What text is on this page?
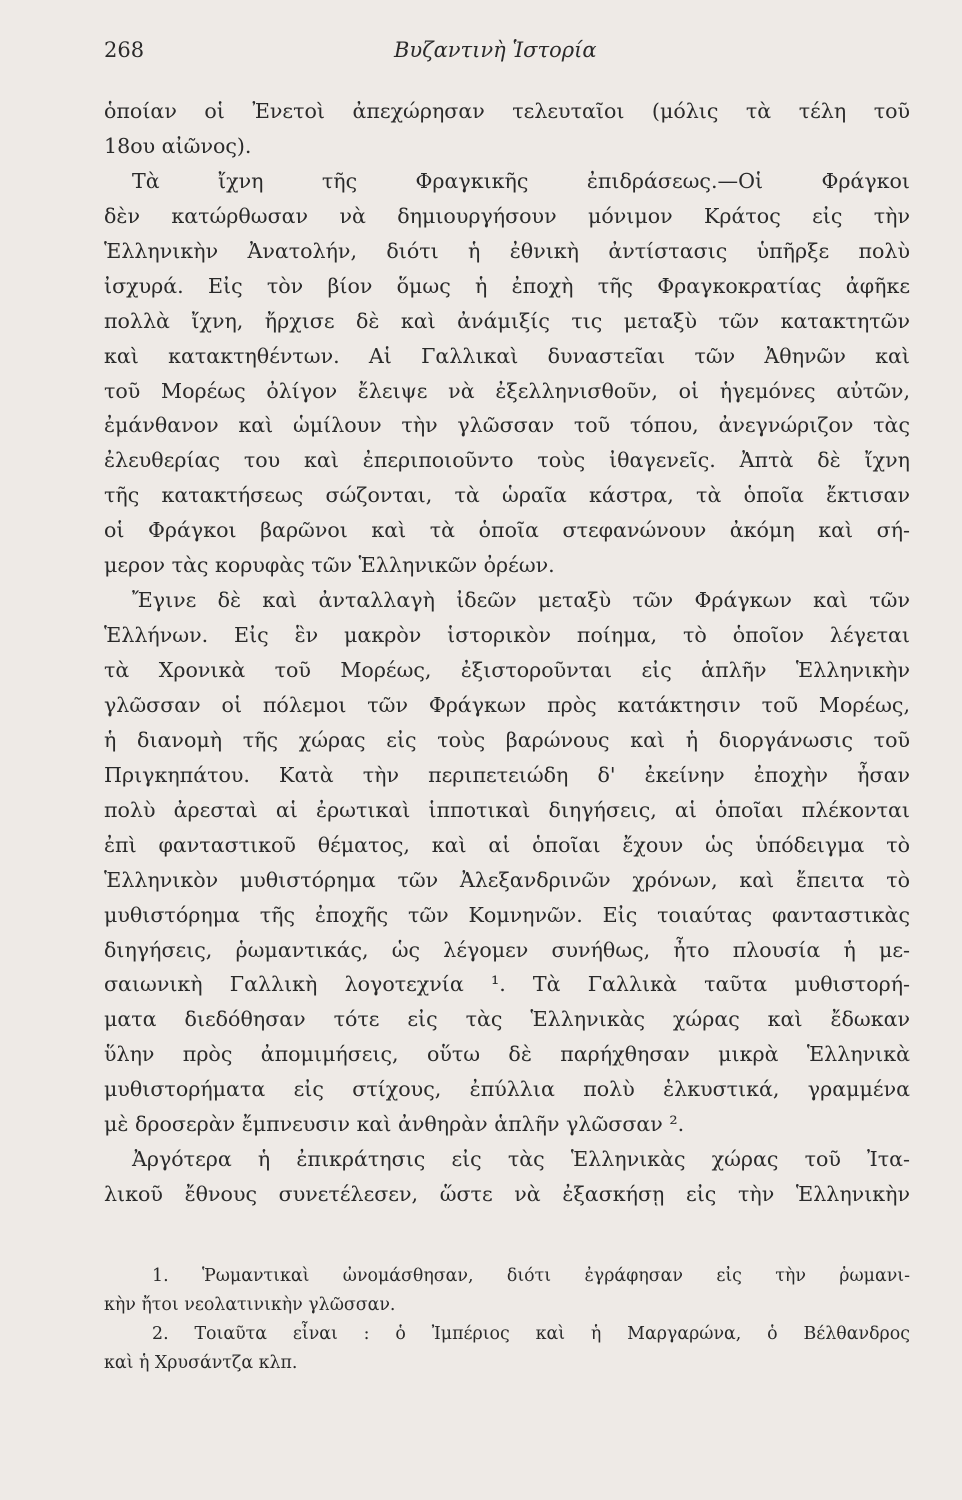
268	Βυζαντινὴ Ἱστορία
ὁποίαν οἱ Ἐνετοὶ ἀπεχώρησαν τελευταῖοι (μόλις τὰ τέλη τοῦ
18ου αἰῶνος).
Τὰ ἴχνη τῆς Φραγκικῆς ἐπιδράσεως.—Οἱ Φράγκοι
δὲν κατώρθωσαν νὰ δημιουργήσουν μόνιμον Κράτος εἰς τὴν
Ἑλληνικὴν Ἀνατολήν, διότι ἡ ἐθνικὴ ἀντίστασις ὑπῆρξε πολὺ
ἰσχυρά. Εἰς τὸν βίον ὅμως ἡ ἐποχὴ τῆς Φραγκοκρατίας ἀφῆκε
πολλὰ ἴχνη, ἤρχισε δὲ καὶ ἀνάμιξίς τις μεταξὺ τῶν κατακτητῶν
καὶ κατακτηθέντων. Αἱ Γαλλικαὶ δυναστεῖαι τῶν Ἀθηνῶν καὶ
τοῦ Μορέως ὀλίγον ἔλειψε νὰ ἐξελληνισθοῦν, οἱ ἡγεμόνες αὐτῶν,
ἐμάνθανον καὶ ὡμίλουν τὴν γλῶσσαν τοῦ τόπου, ἀνεγνώριζον τὰς
ἐλευθερίας του καὶ ἐπεριποιοῦντο τοὺς ἰθαγενεῖς. Ἀπτὰ δὲ ἴχνη
τῆς κατακτήσεως σώζονται, τὰ ὡραῖα κάστρα, τὰ ὁποῖα ἔκτισαν
οἱ Φράγκοι βαρῶνοι καὶ τὰ ὁποῖα στεφανώνουν ἀκόμη καὶ σή-
μερον τὰς κορυφὰς τῶν Ἑλληνικῶν ὀρέων.
Ἔγινε δὲ καὶ ἀνταλλαγὴ ἰδεῶν μεταξὺ τῶν Φράγκων καὶ τῶν
Ἑλλήνων. Εἰς ἓν μακρὸν ἱστορικὸν ποίημα, τὸ ὁποῖον λέγεται
τὰ Χρονικὰ τοῦ Μορέως, ἐξιστοροῦνται εἰς ἁπλῆν Ἑλληνικὴν
γλῶσσαν οἱ πόλεμοι τῶν Φράγκων πρὸς κατάκτησιν τοῦ Μορέως,
ἡ διανομὴ τῆς χώρας εἰς τοὺς βαρώνους καὶ ἡ διοργάνωσις τοῦ
Πριγκηπάτου. Κατὰ τὴν περιπετειώδη δ' ἐκείνην ἐποχὴν ἦσαν
πολὺ ἀρεσταὶ αἱ ἐρωτικαὶ ἱπποτικαὶ διηγήσεις, αἱ ὁποῖαι πλέκονται
ἐπὶ φανταστικοῦ θέματος, καὶ αἱ ὁποῖαι ἔχουν ὡς ὑπόδειγμα τὸ
Ἑλληνικὸν μυθιστόρημα τῶν Ἀλεξανδρινῶν χρόνων, καὶ ἔπειτα τὸ
μυθιστόρημα τῆς ἐποχῆς τῶν Κομνηνῶν. Εἰς τοιαύτας φανταστικὰς
διηγήσεις, ῥωμαντικάς, ὡς λέγομεν συνήθως, ἦτο πλουσία ἡ με-
σαιωνικὴ Γαλλικὴ λογοτεχνία ¹. Τὰ Γαλλικὰ ταῦτα μυθιστορή-
ματα διεδόθησαν τότε εἰς τὰς Ἑλληνικὰς χώρας καὶ ἔδωκαν
ὕλην πρὸς ἀπομιμήσεις, οὕτω δὲ παρήχθησαν μικρὰ Ἑλληνικὰ
μυθιστορήματα εἰς στίχους, ἐπύλλια πολὺ ἑλκυστικά, γραμμένα
μὲ δροσερὰν ἔμπνευσιν καὶ ἀνθηρὰν ἁπλῆν γλῶσσαν ².
Ἀργότερα ἡ ἐπικράτησις εἰς τὰς Ἑλληνικὰς χώρας τοῦ Ἰτα-
λικοῦ ἔθνους συνετέλεσεν, ὥστε νὰ ἐξασκήσῃ εἰς τὴν Ἑλληνικὴν
1. Ῥωμαντικαὶ ὠνομάσθησαν, διότι ἐγράφησαν εἰς τὴν ῥωμανι-
κὴν ἤτοι νεολατινικὴν γλῶσσαν.
2. Τοιαῦτα εἶναι : ὁ Ἰμπέριος καὶ ἡ Μαργαρώνα, ὁ Βέλθανδρος
καὶ ἡ Χρυσάντζα κλπ.
